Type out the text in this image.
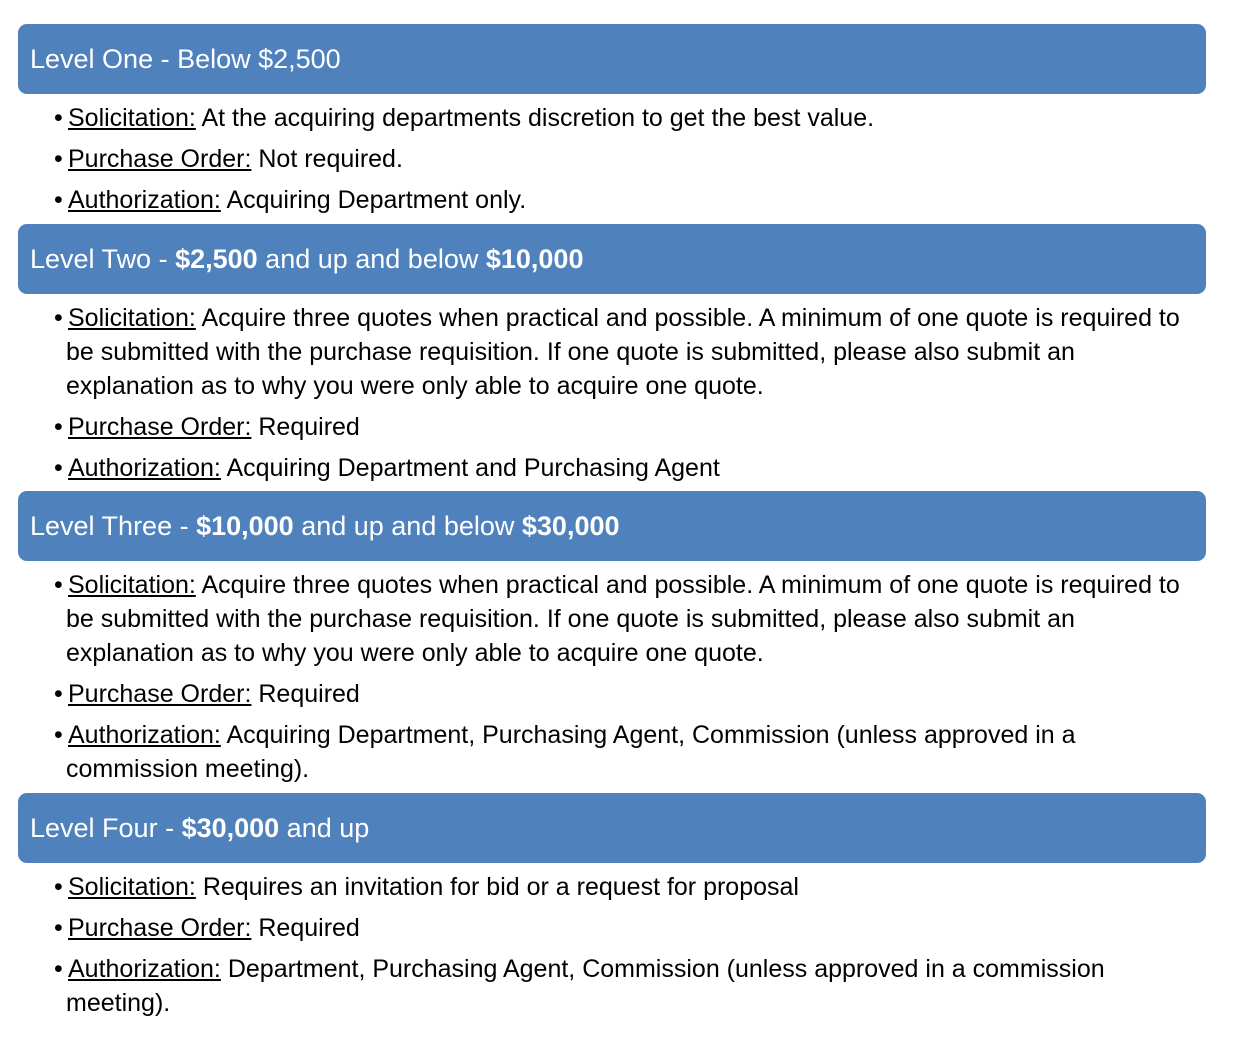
Level One - Below $2,500
• Solicitation: At the acquiring departments discretion to get the best value.
• Purchase Order: Not required.
• Authorization: Acquiring Department only.
Level Two - $2,500 and up and below $10,000
• Solicitation: Acquire three quotes when practical and possible. A minimum of one quote is required to be submitted with the purchase requisition. If one quote is submitted, please also submit an explanation as to why you were only able to acquire one quote.
• Purchase Order: Required
• Authorization: Acquiring Department and Purchasing Agent
Level Three - $10,000 and up and below $30,000
• Solicitation: Acquire three quotes when practical and possible. A minimum of one quote is required to be submitted with the purchase requisition. If one quote is submitted, please also submit an explanation as to why you were only able to acquire one quote.
• Purchase Order: Required
• Authorization: Acquiring Department, Purchasing Agent, Commission (unless approved in a commission meeting).
Level Four - $30,000 and up
• Solicitation: Requires an invitation for bid or a request for proposal
• Purchase Order: Required
• Authorization: Department, Purchasing Agent, Commission (unless approved in a commission meeting).
